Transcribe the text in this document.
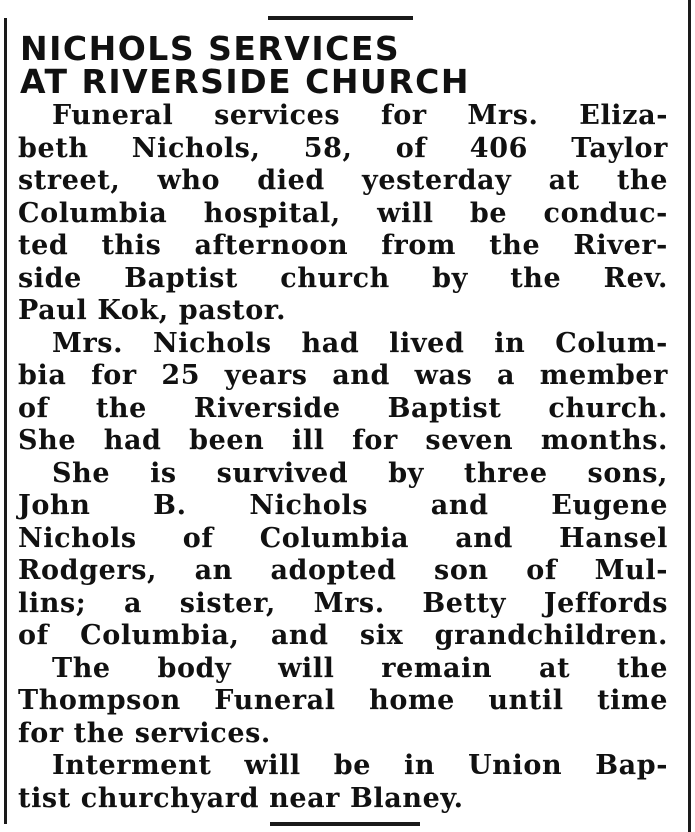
NICHOLS SERVICES
AT RIVERSIDE CHURCH
Funeral services for Mrs. Eliza-
beth Nichols, 58, of 406 Taylor
street, who died yesterday at the
Columbia hospital, will be conduc-
ted this afternoon from the River-
side Baptist church by the Rev.
Paul Kok, pastor.
Mrs. Nichols had lived in Colum-
bia for 25 years and was a member
of the Riverside Baptist church.
She had been ill for seven months.
She is survived by three sons,
John B. Nichols and Eugene
Nichols of Columbia and Hansel
Rodgers, an adopted son of Mul-
lins; a sister, Mrs. Betty Jeffords
of Columbia, and six grandchildren.
The body will remain at the
Thompson Funeral home until time
for the services.
Interment will be in Union Bap-
tist churchyard near Blaney.
